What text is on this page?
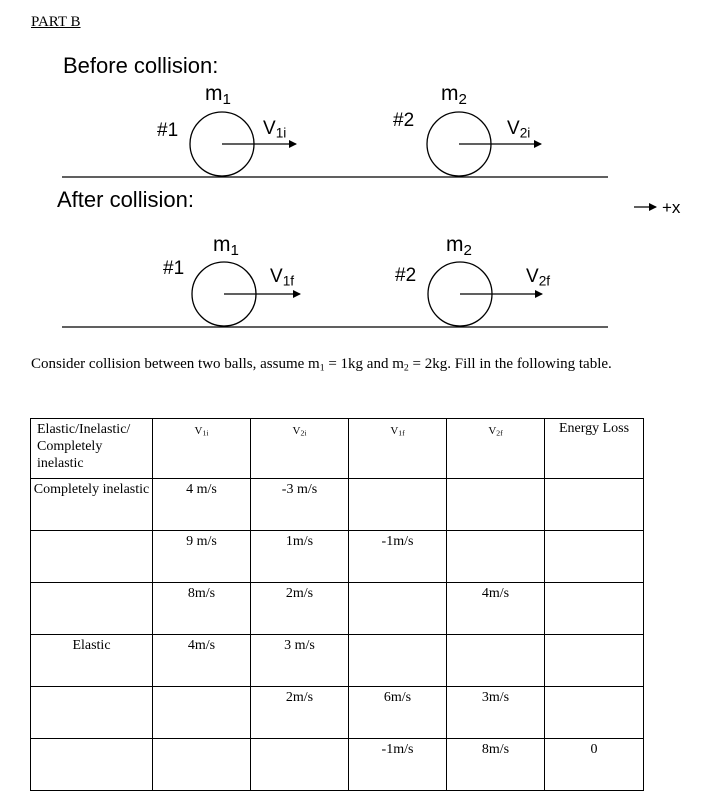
PART B
Before collision:
After collision:	+x
$m_1$	$m_2$
#1	#2
$V_{1i}$	$V_{2i}$
$m_1$	$m_2$
#1	#2
$V_{1f}$	$V_{2f}$
Consider collision between two balls, assume $m_1 = 1kg$ and $m_2 = 2kg$. Fill in the following table.
Elastic/Inelastic/ Completely inelastic	$V_{1i}$	$V_{2i}$	$V_{1f}$	$V_{2f}$	Energy Loss
Completely inelastic	4 m/s	-3 m/s			
	9 m/s	1m/s	-1m/s		
	8m/s	2m/s		4m/s	
Elastic	4m/s	3 m/s			
		2m/s	6m/s	3m/s	
			-1m/s	8m/s	0
